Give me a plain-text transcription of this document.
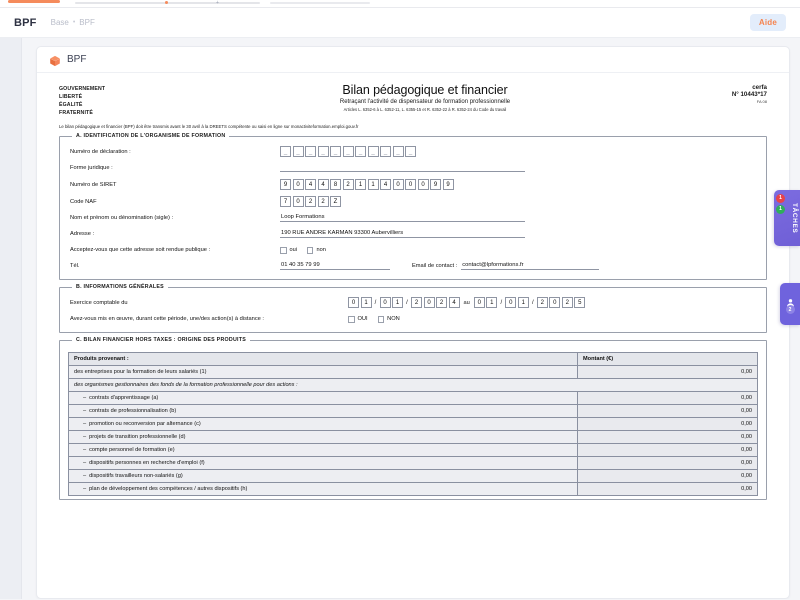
+
BPF Base • BPF	Aide
BPF
GOUVERNEMENT
LIBERTÉ
ÉGALITÉ
FRATERNITÉ
Bilan pédagogique et financier
Retraçant l'activité de dispensateur de formation professionnelle
Articles L. 6352-6 à L. 6352-11, L. 6355-15 et R. 6352-22 à R. 6352-24 du Code du travail
cerfa
N° 10443*17
FA 08
Le bilan pédagogique et financier (BPF) doit être transmis avant le 30 avril à la DREETS compétente ou saisi en ligne sur monactiviteformation.emploi.gouv.fr
A. IDENTIFICATION DE L'ORGANISME DE FORMATION
Numéro de déclaration :
_
_
_
_
_
_
_
_
_
_
_
Forme juridique :
Numéro de SIRET	9	0	4	4	8	2	1	1	4	0	0	0	9	9
Code NAF	7	0	2	2	Z
Nom et prénom ou dénomination (sigle) :	Loop Formations
Adresse :	190 RUE ANDRE KARMAN 93300 Aubervilliers
Acceptez-vous que cette adresse soit rendue publique :	oui	non
Tél.	01 40 35 79 99	Email de contact : contact@lpformations.fr
B. INFORMATIONS GÉNÉRALES
Exercice comptable du	0	1	/	0	1	/	2	0	2	4	au	0	1	/	0	1	/	2	0	2	5
Avez-vous mis en œuvre, durant cette période, une/des action(s) à distance :	OUI	NON
C. BILAN FINANCIER HORS TAXES : ORIGINE DES PRODUITS
Produits provenant :	Montant (€)
des entreprises pour la formation de leurs salariés (1)	0,00
des organismes gestionnaires des fonds de la formation professionnelle pour des actions :	
– contrats d'apprentissage (a)	0,00
– contrats de professionnalisation (b)	0,00
– promotion ou reconversion par alternance (c)	0,00
– projets de transition professionnelle (d)	0,00
– compte personnel de formation (e)	0,00
– dispositifs personnes en recherche d'emploi (f)	0,00
– dispositifs travailleurs non-salariés (g)	0,00
– plan de développement des compétences / autres dispositifs (h)	0,00
1
1	TÂCHES
2
